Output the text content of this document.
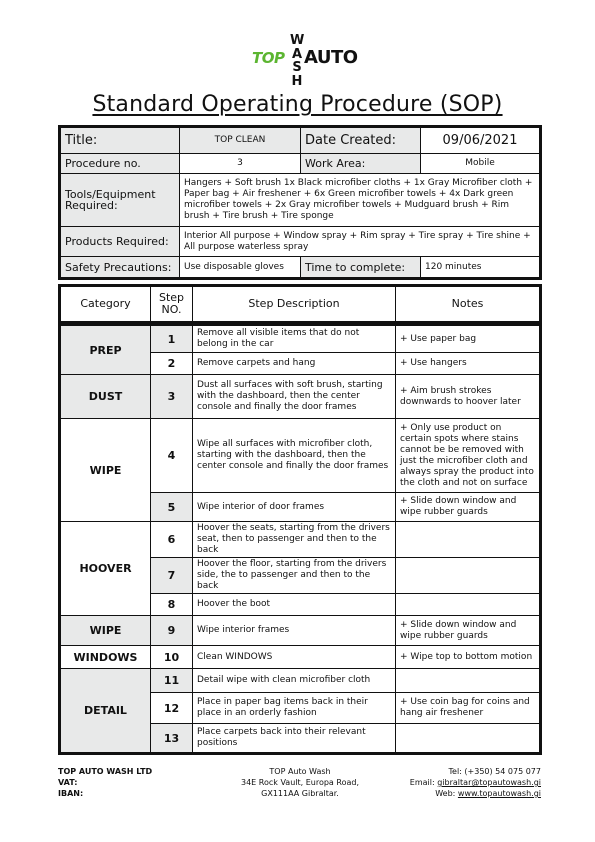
W
A
S
H
TOP AUTO
Standard Operating Procedure (SOP)
Title:	TOP CLEAN	Date Created:	09/06/2021
Procedure no.	3	Work Area:	Mobile
Tools/Equipment Required:	Hangers + Soft brush 1x Black microfiber cloths + 1x Gray Microfiber cloth + Paper bag + Air freshener + 6x Green microfiber towels + 4x Dark green microfiber towels + 2x Gray microfiber towels + Mudguard brush + Rim brush + Tire brush + Tire sponge		
Products Required:	Interior All purpose + Window spray + Rim spray + Tire spray + Tire shine + All purpose waterless spray		
Safety Precautions:	Use disposable gloves	Time to complete:	120 minutes
Category	Step NO.	Step Description	Notes
PREP	1	Remove all visible items that do not belong in the car	+ Use paper bag
	2	Remove carpets and hang	+ Use hangers
DUST	3	Dust all surfaces with soft brush, starting with the dashboard, then the center console and finally the door frames	+ Aim brush strokes downwards to hoover later
WIPE	4	Wipe all surfaces with microfiber cloth, starting with the dashboard, then the center console and finally the door frames	+ Only use product on certain spots where stains cannot be be removed with just the microfiber cloth and always spray the product into the cloth and not on surface
	5	Wipe interior of door frames	+ Slide down window and wipe rubber guards
HOOVER	6	Hoover the seats, starting from the drivers seat, then to passenger and then to the back	
	7	Hoover the floor, starting from the drivers side, the to passenger and then to the back	
	8	Hoover the boot	
WIPE	9	Wipe interior frames	+ Slide down window and wipe rubber guards
WINDOWS	10	Clean WINDOWS	+ Wipe top to bottom motion
DETAIL	11	Detail wipe with clean microfiber cloth	
	12	Place in paper bag items back in their place in an orderly fashion	+ Use coin bag for coins and hang air freshener
	13	Place carpets back into their relevant positions	
TOP AUTO WASH LTD
VAT:
IBAN:
TOP Auto Wash
34E Rock Vault, Europa Road,
GX111AA Gibraltar.
Tel: (+350) 54 075 077
Email: gibraltar@topautowash.gi
Web: www.topautowash.gi
